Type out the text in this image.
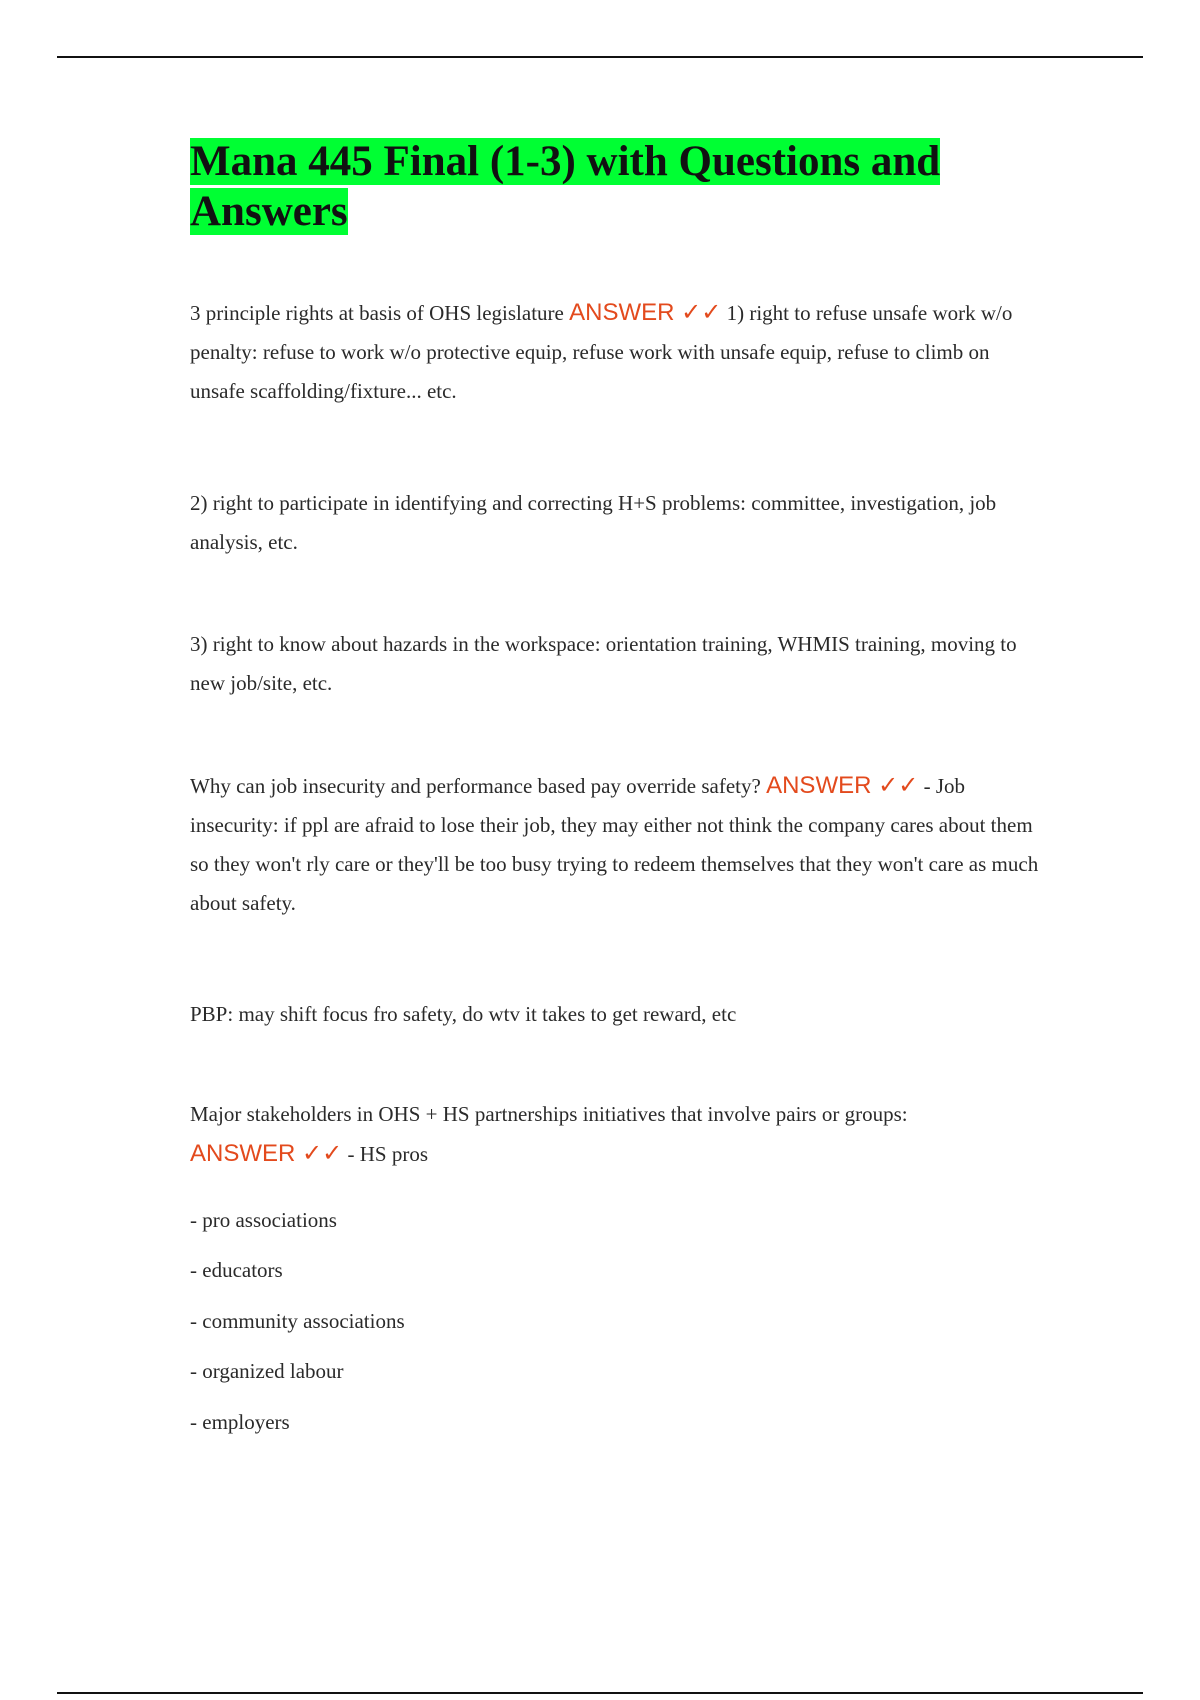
Mana 445 Final (1-3) with Questions and Answers

3 principle rights at basis of OHS legislature ANSWER ✓✓ 1) right to refuse unsafe work w/o penalty: refuse to work w/o protective equip, refuse work with unsafe equip, refuse to climb on unsafe scaffolding/fixture... etc.

2) right to participate in identifying and correcting H+S problems: committee, investigation, job analysis, etc.

3) right to know about hazards in the workspace: orientation training, WHMIS training, moving to new job/site, etc.

Why can job insecurity and performance based pay override safety? ANSWER ✓✓ - Job insecurity: if ppl are afraid to lose their job, they may either not think the company cares about them so they won't rly care or they'll be too busy trying to redeem themselves that they won't care as much about safety.

PBP: may shift focus fro safety, do wtv it takes to get reward, etc

Major stakeholders in OHS + HS partnerships initiatives that involve pairs or groups:
ANSWER ✓✓ - HS pros

- pro associations

- educators

- community associations

- organized labour

- employers
